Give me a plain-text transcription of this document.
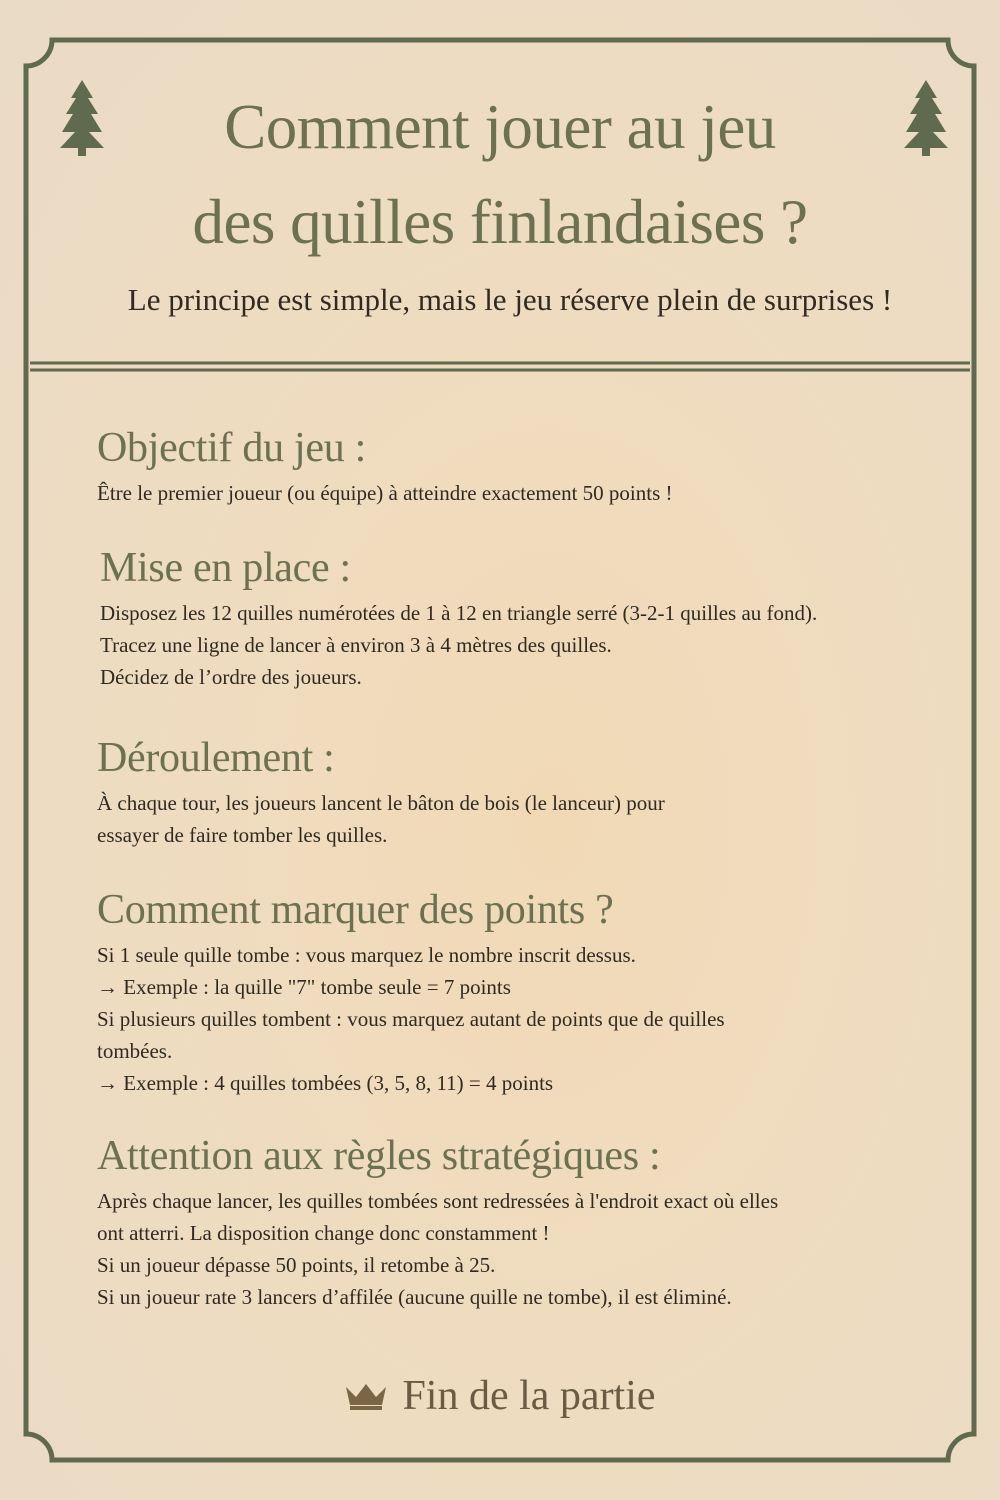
Comment jouer au jeu
des quilles finlandaises ?

Le principe est simple, mais le jeu réserve plein de surprises !

Objectif du jeu :
Être le premier joueur (ou équipe) à atteindre exactement 50 points !
Mise en place :
Disposez les 12 quilles numérotées de 1 à 12 en triangle serré (3-2-1 quilles au fond).
Tracez une ligne de lancer à environ 3 à 4 mètres des quilles.
Décidez de l’ordre des joueurs.
Déroulement :
À chaque tour, les joueurs lancent le bâton de bois (le lanceur) pour
essayer de faire tomber les quilles.
Comment marquer des points ?
Si 1 seule quille tombe : vous marquez le nombre inscrit dessus.
→ Exemple : la quille "7" tombe seule = 7 points
Si plusieurs quilles tombent : vous marquez autant de points que de quilles
tombées.
→ Exemple : 4 quilles tombées (3, 5, 8, 11) = 4 points
Attention aux règles stratégiques :
Après chaque lancer, les quilles tombées sont redressées à l'endroit exact où elles
ont atterri. La disposition change donc constamment !
Si un joueur dépasse 50 points, il retombe à 25.
Si un joueur rate 3 lancers d’affilée (aucune quille ne tombe), il est éliminé.
Fin de la partie
